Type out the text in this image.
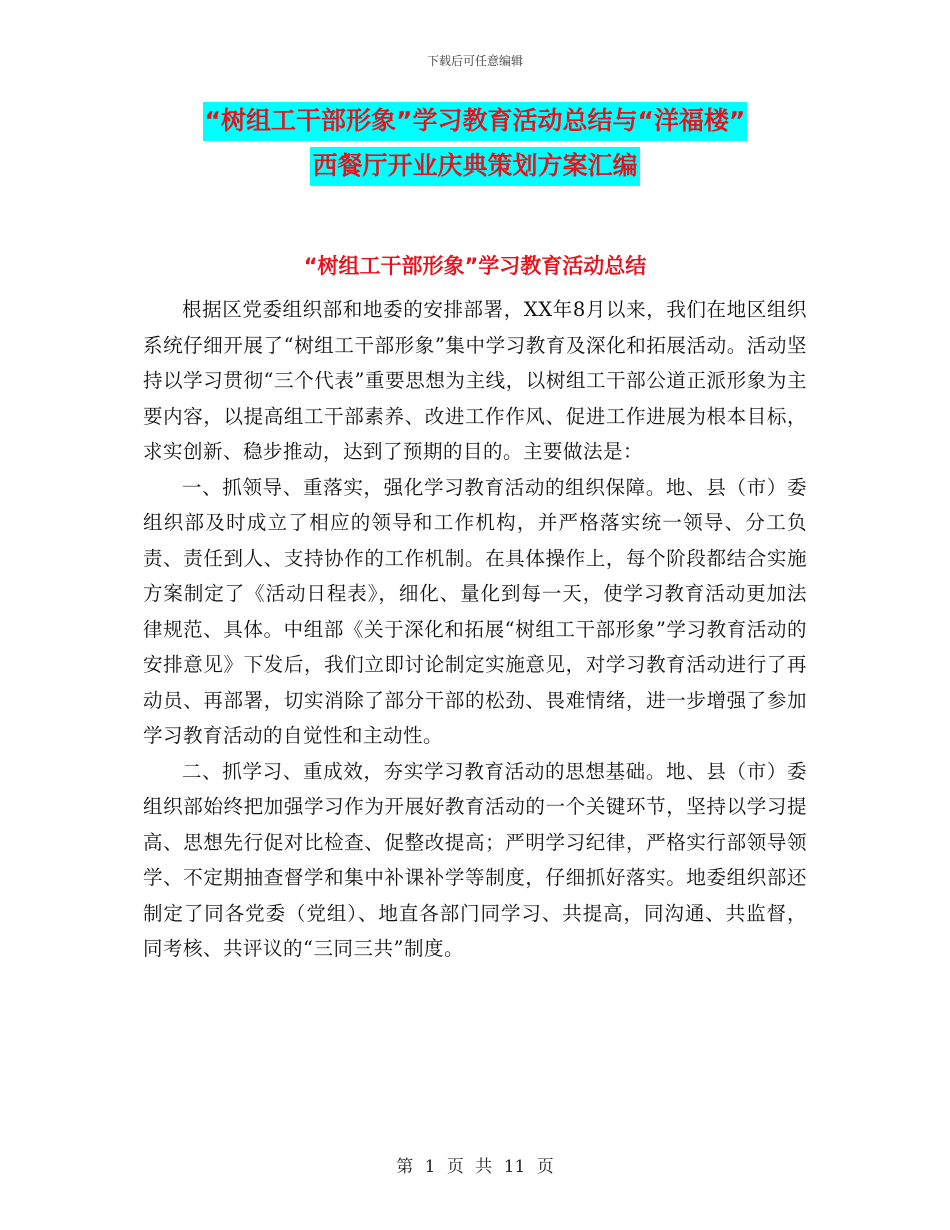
下载后可任意编辑
“树组工干部形象”学习教育活动总结与“洋福楼”
西餐厅开业庆典策划方案汇编
“树组工干部形象”学习教育活动总结

根据区党委组织部和地委的安排部署，XX年8月以来，我们在地区组织系统仔细开展了“树组工干部形象”集中学习教育及深化和拓展活动。活动坚持以学习贯彻“三个代表”重要思想为主线，以树组工干部公道正派形象为主要内容，以提高组工干部素养、改进工作作风、促进工作进展为根本目标，求实创新、稳步推动，达到了预期的目的。主要做法是：

一、抓领导、重落实，强化学习教育活动的组织保障。地、县（市）委组织部及时成立了相应的领导和工作机构，并严格落实统一领导、分工负责、责任到人、支持协作的工作机制。在具体操作上，每个阶段都结合实施方案制定了《活动日程表》，细化、量化到每一天，使学习教育活动更加法律规范、具体。中组部《关于深化和拓展“树组工干部形象”学习教育活动的安排意见》下发后，我们立即讨论制定实施意见，对学习教育活动进行了再动员、再部署，切实消除了部分干部的松劲、畏难情绪，进一步增强了参加学习教育活动的自觉性和主动性。

二、抓学习、重成效，夯实学习教育活动的思想基础。地、县（市）委组织部始终把加强学习作为开展好教育活动的一个关键环节，坚持以学习提高、思想先行促对比检查、促整改提高；严明学习纪律，严格实行部领导领学、不定期抽查督学和集中补课补学等制度，仔细抓好落实。地委组织部还制定了同各党委（党组）、地直各部门同学习、共提高，同沟通、共监督，同考核、共评议的“三同三共”制度。

第 1 页 共 11 页
